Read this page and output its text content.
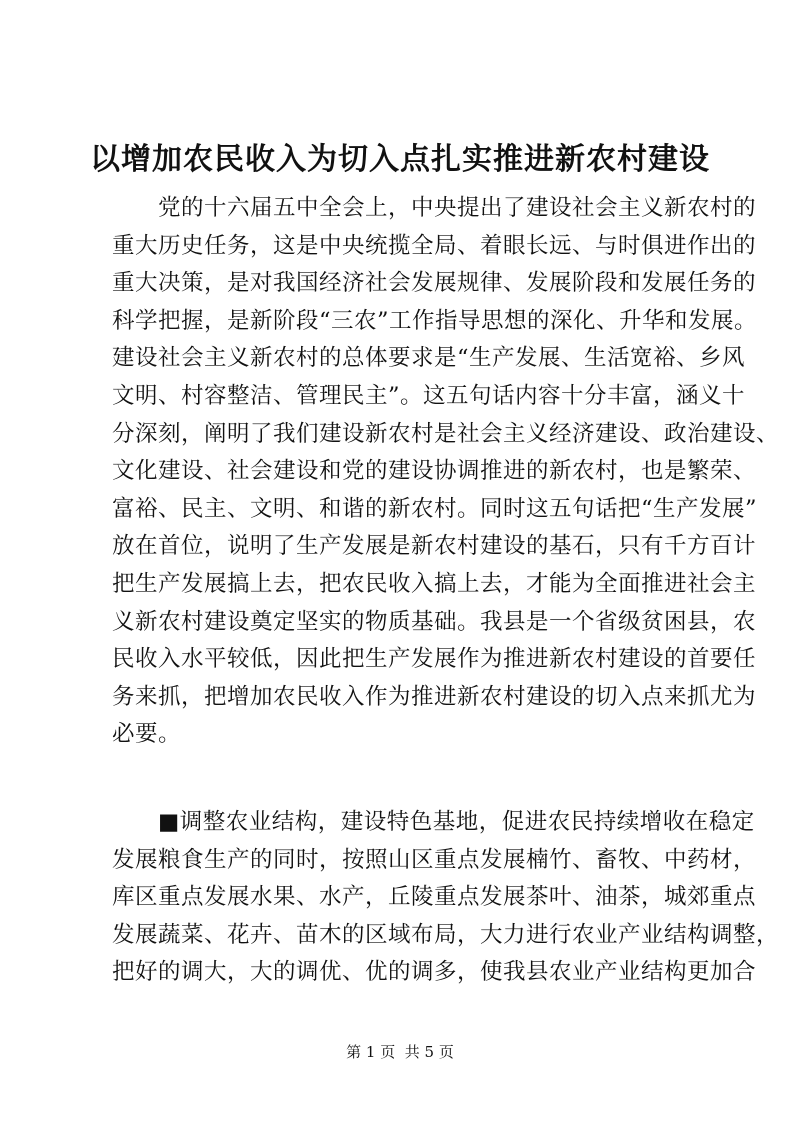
以增加农民收入为切入点扎实推进新农村建设
党的十六届五中全会上，中央提出了建设社会主义新农村的
重大历史任务，这是中央统揽全局、着眼长远、与时俱进作出的
重大决策，是对我国经济社会发展规律、发展阶段和发展任务的
科学把握，是新阶段“三农”工作指导思想的深化、升华和发展。
建设社会主义新农村的总体要求是“生产发展、生活宽裕、乡风
文明、村容整洁、管理民主”。这五句话内容十分丰富，涵义十
分深刻，阐明了我们建设新农村是社会主义经济建设、政治建设、
文化建设、社会建设和党的建设协调推进的新农村，也是繁荣、
富裕、民主、文明、和谐的新农村。同时这五句话把“生产发展”
放在首位，说明了生产发展是新农村建设的基石，只有千方百计
把生产发展搞上去，把农民收入搞上去，才能为全面推进社会主
义新农村建设奠定坚实的物质基础。我县是一个省级贫困县，农
民收入水平较低，因此把生产发展作为推进新农村建设的首要任
务来抓，把增加农民收入作为推进新农村建设的切入点来抓尤为
必要。
■调整农业结构，建设特色基地，促进农民持续增收在稳定
发展粮食生产的同时，按照山区重点发展楠竹、畜牧、中药材，
库区重点发展水果、水产，丘陵重点发展茶叶、油茶，城郊重点
发展蔬菜、花卉、苗木的区域布局，大力进行农业产业结构调整，
把好的调大，大的调优、优的调多，使我县农业产业结构更加合
第 1 页  共 5 页
